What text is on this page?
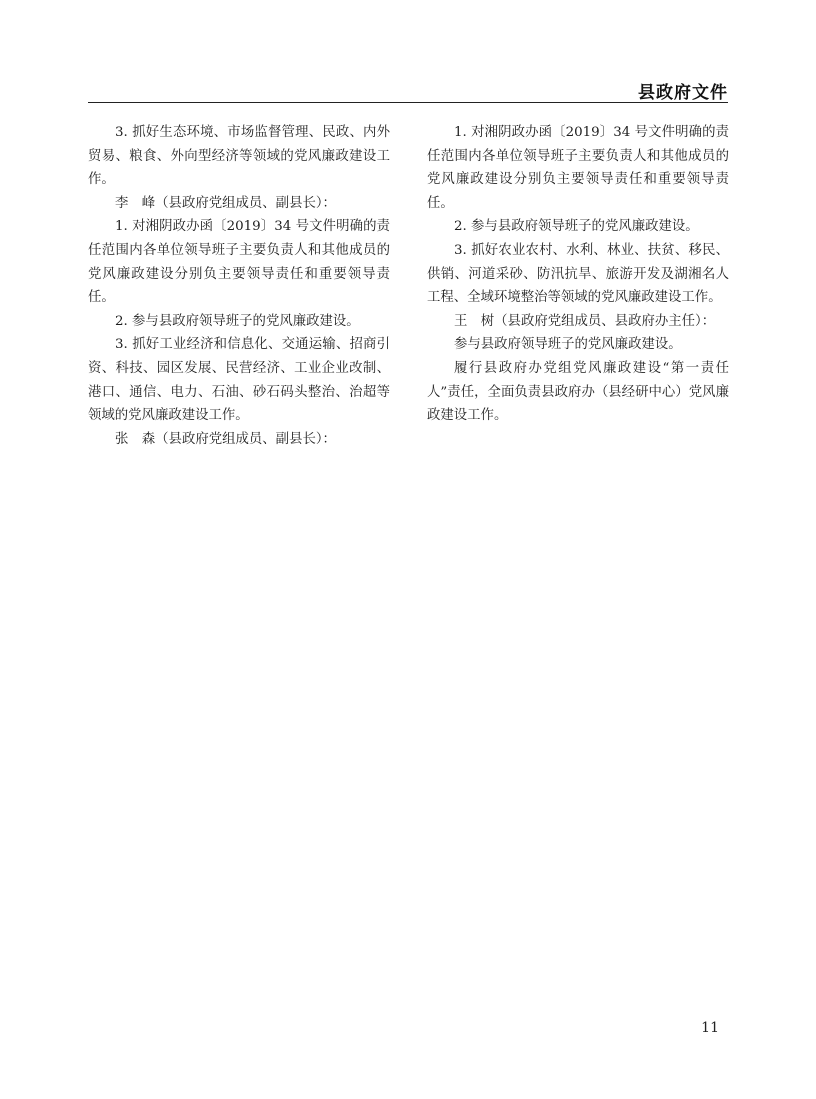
县政府文件

3. 抓好生态环境、市场监督管理、民政、内外贸易、粮食、外向型经济等领域的党风廉政建设工作。

李　峰（县政府党组成员、副县长）：

1. 对湘阴政办函〔2019〕34 号文件明确的责任范围内各单位领导班子主要负责人和其他成员的党风廉政建设分别负主要领导责任和重要领导责任。

2. 参与县政府领导班子的党风廉政建设。

3. 抓好工业经济和信息化、交通运输、招商引资、科技、园区发展、民营经济、工业企业改制、港口、通信、电力、石油、砂石码头整治、治超等领域的党风廉政建设工作。

张　森（县政府党组成员、副县长）：

1. 对湘阴政办函〔2019〕34 号文件明确的责任范围内各单位领导班子主要负责人和其他成员的党风廉政建设分别负主要领导责任和重要领导责任。

2. 参与县政府领导班子的党风廉政建设。

3. 抓好农业农村、水利、林业、扶贫、移民、供销、河道采砂、防汛抗旱、旅游开发及湖湘名人工程、全域环境整治等领域的党风廉政建设工作。

王　树（县政府党组成员、县政府办主任）：

参与县政府领导班子的党风廉政建设。

履行县政府办党组党风廉政建设“第一责任人”责任，全面负责县政府办（县经研中心）党风廉政建设工作。

11
